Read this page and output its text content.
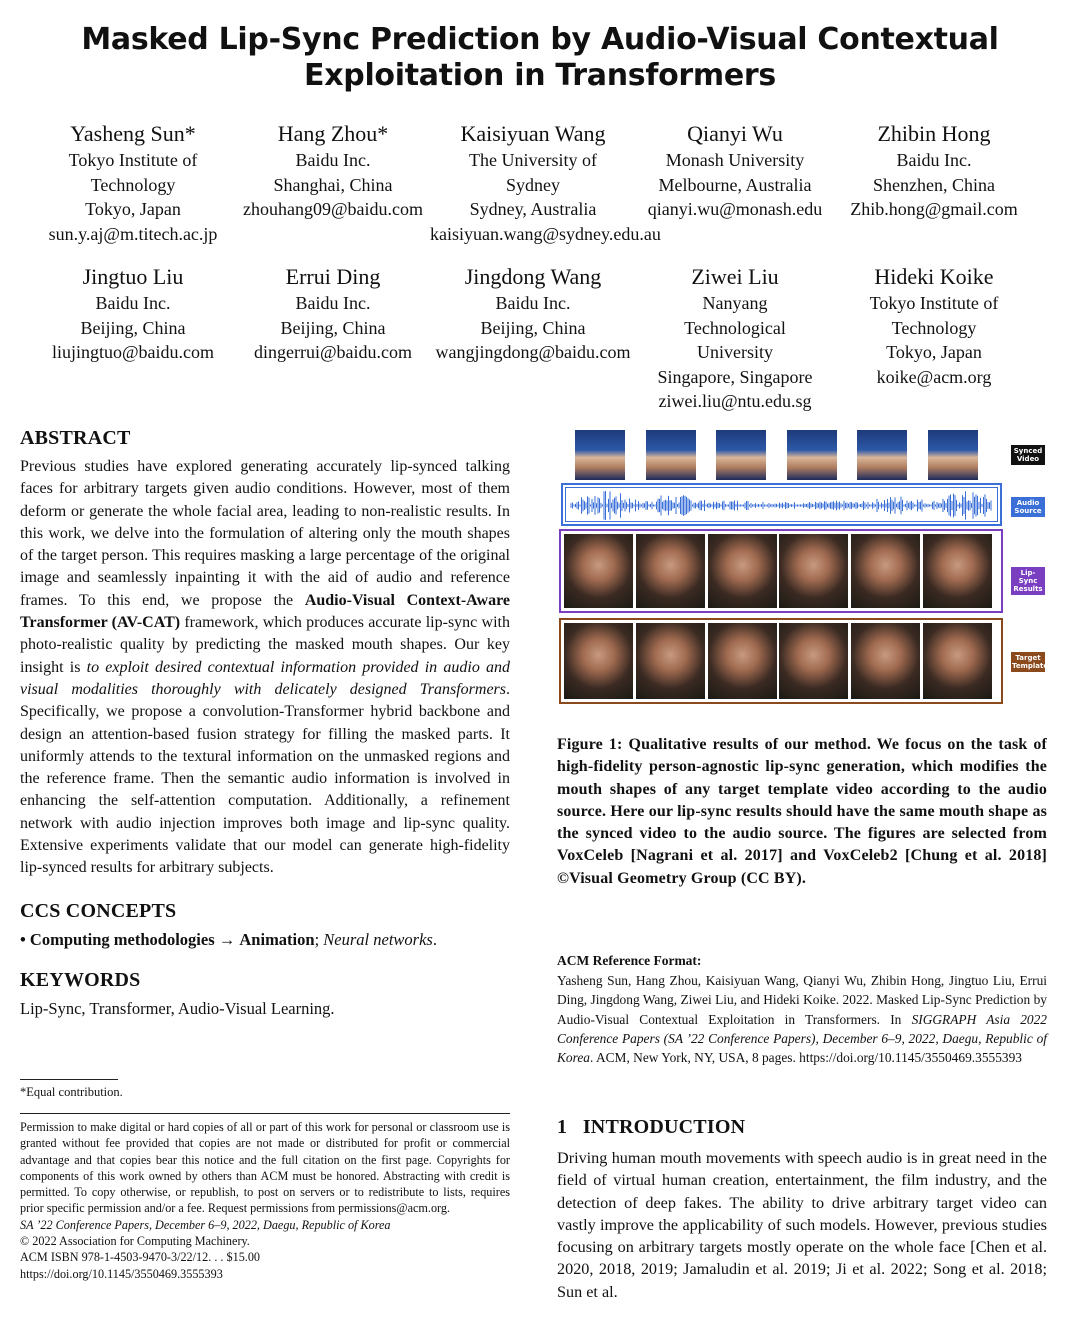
Masked Lip-Sync Prediction by Audio-Visual Contextual
Exploitation in Transformers
Yasheng Sun*
Tokyo Institute of
Technology
Tokyo, Japan
sun.y.aj@m.titech.ac.jp
Hang Zhou*
Baidu Inc.
Shanghai, China
zhouhang09@baidu.com
Kaisiyuan Wang
The University of
Sydney
Sydney, Australia
kaisiyuan.wang@sydney.edu.au
Qianyi Wu
Monash University
Melbourne, Australia
qianyi.wu@monash.edu
Zhibin Hong
Baidu Inc.
Shenzhen, China
Zhib.hong@gmail.com
Jingtuo Liu
Baidu Inc.
Beijing, China
liujingtuo@baidu.com
Errui Ding
Baidu Inc.
Beijing, China
dingerrui@baidu.com
Jingdong Wang
Baidu Inc.
Beijing, China
wangjingdong@baidu.com
Ziwei Liu
Nanyang
Technological
University
Singapore, Singapore
ziwei.liu@ntu.edu.sg
Hideki Koike
Tokyo Institute of
Technology
Tokyo, Japan
koike@acm.org
ABSTRACT
Previous studies have explored generating accurately lip-synced talking faces for arbitrary targets given audio conditions. However, most of them deform or generate the whole facial area, leading to non-realistic results. In this work, we delve into the formulation of altering only the mouth shapes of the target person. This requires masking a large percentage of the original image and seamlessly inpainting it with the aid of audio and reference frames. To this end, we propose the Audio-Visual Context-Aware Transformer (AV-CAT) framework, which produces accurate lip-sync with photo-realistic quality by predicting the masked mouth shapes. Our key insight is to exploit desired contextual information provided in audio and visual modalities thoroughly with delicately designed Transformers. Specifically, we propose a convolution-Transformer hybrid backbone and design an attention-based fusion strategy for filling the masked parts. It uniformly attends to the textural information on the unmasked regions and the reference frame. Then the semantic audio information is involved in enhancing the self-attention computation. Additionally, a refinement network with audio injection improves both image and lip-sync quality. Extensive experiments validate that our model can generate high-fidelity lip-synced results for arbitrary subjects.
CCS CONCEPTS
• Computing methodologies → Animation; Neural networks.
KEYWORDS
Lip-Sync, Transformer, Audio-Visual Learning.
*Equal contribution.
Permission to make digital or hard copies of all or part of this work for personal or classroom use is granted without fee provided that copies are not made or distributed for profit or commercial advantage and that copies bear this notice and the full citation on the first page. Copyrights for components of this work owned by others than ACM must be honored. Abstracting with credit is permitted. To copy otherwise, or republish, to post on servers or to redistribute to lists, requires prior specific permission and/or a fee. Request permissions from permissions@acm.org.
SA ’22 Conference Papers, December 6–9, 2022, Daegu, Republic of Korea
© 2022 Association for Computing Machinery.
ACM ISBN 978-1-4503-9470-3/22/12. . . $15.00
https://doi.org/10.1145/3550469.3555393
Synced Video
Audio Source
Lip-Sync Results
Target Template
Figure 1: Qualitative results of our method. We focus on the task of high-fidelity person-agnostic lip-sync generation, which modifies the mouth shapes of any target template video according to the audio source. Here our lip-sync results should have the same mouth shape as the synced video to the audio source. The figures are selected from VoxCeleb [Nagrani et al. 2017] and VoxCeleb2 [Chung et al. 2018] ©Visual Geometry Group (CC BY).
ACM Reference Format:
Yasheng Sun, Hang Zhou, Kaisiyuan Wang, Qianyi Wu, Zhibin Hong, Jingtuo Liu, Errui Ding, Jingdong Wang, Ziwei Liu, and Hideki Koike. 2022. Masked Lip-Sync Prediction by Audio-Visual Contextual Exploitation in Transformers. In SIGGRAPH Asia 2022 Conference Papers (SA ’22 Conference Papers), December 6–9, 2022, Daegu, Republic of Korea. ACM, New York, NY, USA, 8 pages. https://doi.org/10.1145/3550469.3555393
1 INTRODUCTION
Driving human mouth movements with speech audio is in great need in the field of virtual human creation, entertainment, the film industry, and the detection of deep fakes. The ability to drive arbitrary target video can vastly improve the applicability of such models. However, previous studies focusing on arbitrary targets mostly operate on the whole face [Chen et al. 2020, 2018, 2019; Jamaludin et al. 2019; Ji et al. 2022; Song et al. 2018; Sun et al.
